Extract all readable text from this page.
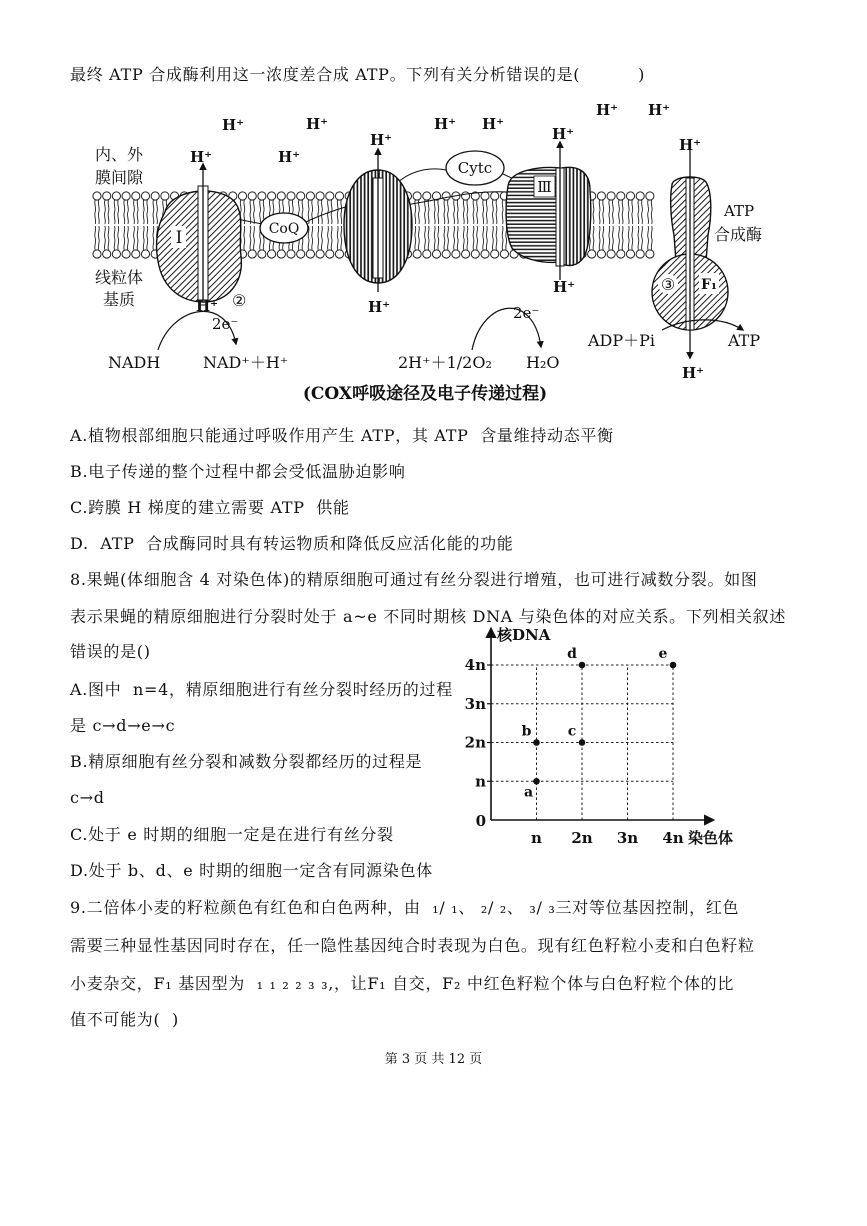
最终 ATP 合成酶利用这一浓度差合成 ATP。下列有关分析错误的是(          )
I	CoQ
Cytc
Ⅲ
③ F₁
H⁺	H⁺	H⁺ H⁺
H⁺ H⁺
H⁺	H⁺
H⁺	H⁺
H⁺
H⁺	H⁺
H⁺
H⁺
内、外
膜间隙
线粒体
基质
ATP
合成酶
②
2e⁻
2e⁻
NADH	NAD⁺＋H⁺	2H⁺＋1/2O₂ H₂O
ADP＋Pi	ATP
(COX呼吸途径及电子传递过程)
A.植物根部细胞只能通过呼吸作用产生 ATP，其 ATP  含量维持动态平衡
B.电子传递的整个过程中都会受低温胁迫影响
C.跨膜 H 梯度的建立需要 ATP  供能
D.  ATP  合成酶同时具有转运物质和降低反应活化能的功能
8.果蝇(体细胞含 4 对染色体)的精原细胞可通过有丝分裂进行增殖，也可进行减数分裂。如图
表示果蝇的精原细胞进行分裂时处于 a~e 不同时期核 DNA 与染色体的对应关系。下列相关叙述
错误的是()
A.图中  n=4，精原细胞进行有丝分裂时经历的过程
是 c→d→e→c
B.精原细胞有丝分裂和减数分裂都经历的过程是
c→d
C.处于 e 时期的细胞一定是在进行有丝分裂
D.处于 b、d、e 时期的细胞一定含有同源染色体
核DNA
染色体
0
n
2n
3n
4n
n 2n 3n 4n
a
b	c
d	e
9.二倍体小麦的籽粒颜色有红色和白色两种，由  ₁/ ₁、 ₂/ ₂、 ₃/ ₃三对等位基因控制，红色
需要三种显性基因同时存在，任一隐性基因纯合时表现为白色。现有红色籽粒小麦和白色籽粒
小麦杂交，F₁ 基因型为  ₁ ₁ ₂ ₂ ₃ ₃,，让F₁ 自交，F₂ 中红色籽粒个体与白色籽粒个体的比
值不可能为(  )
第 3 页 共 12 页
